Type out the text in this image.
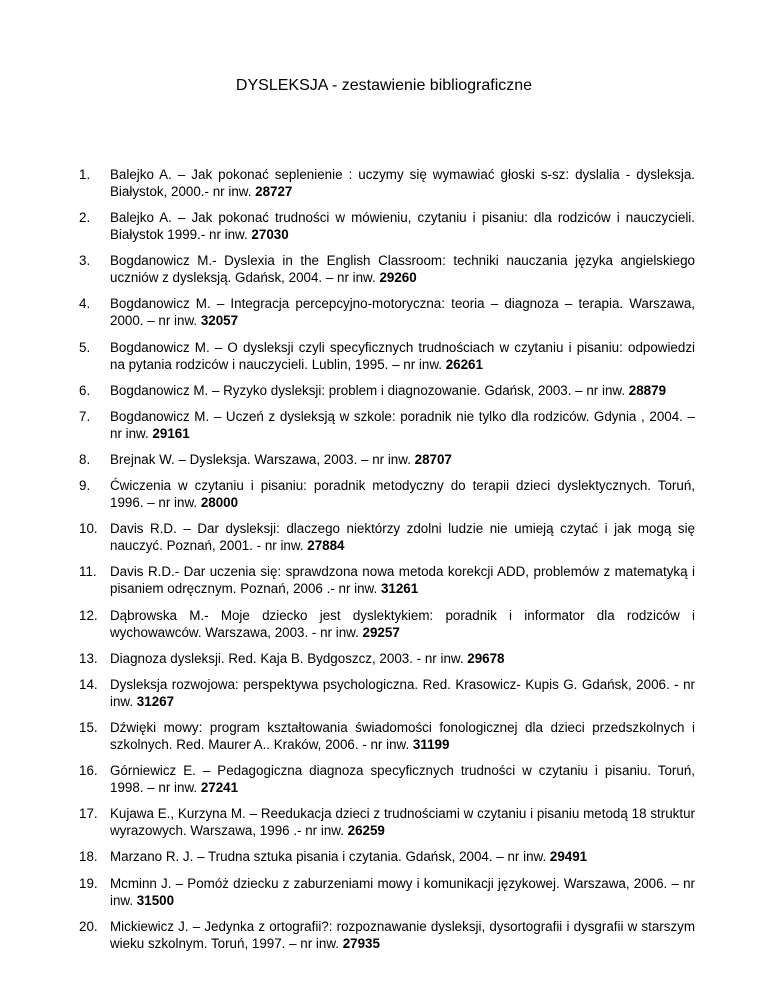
DYSLEKSJA - zestawienie bibliograficzne
1.	Balejko A. – Jak pokonać seplenienie : uczymy się wymawiać głoski s-sz: dyslalia - dysleksja. Białystok, 2000.- nr inw. 28727
2.	Balejko A. – Jak pokonać trudności w mówieniu, czytaniu i pisaniu: dla rodziców i nauczycieli. Białystok 1999.- nr inw. 27030
3.	Bogdanowicz M.- Dyslexia in the English Classroom: techniki nauczania języka angielskiego uczniów z dysleksją. Gdańsk, 2004. – nr inw. 29260
4.	Bogdanowicz M. – Integracja percepcyjno-motoryczna: teoria – diagnoza – terapia. Warszawa, 2000. – nr inw. 32057
5.	Bogdanowicz M. – O dysleksji czyli specyficznych trudnościach w czytaniu i pisaniu: odpowiedzi na pytania rodziców i nauczycieli. Lublin, 1995. – nr inw. 26261
6.	Bogdanowicz M. – Ryzyko dysleksji: problem i diagnozowanie. Gdańsk, 2003. – nr inw. 28879
7.	Bogdanowicz M. – Uczeń z dysleksją w szkole: poradnik nie tylko dla rodziców. Gdynia , 2004. – nr inw. 29161
8.	Brejnak W. – Dysleksja. Warszawa, 2003. – nr inw. 28707
9.	Ćwiczenia w czytaniu i pisaniu: poradnik metodyczny do terapii dzieci dyslektycznych. Toruń, 1996. – nr inw. 28000
10. Davis R.D. – Dar dysleksji: dlaczego niektórzy zdolni ludzie nie umieją czytać i jak mogą się nauczyć. Poznań, 2001. - nr inw. 27884
11. Davis R.D.- Dar uczenia się: sprawdzona nowa metoda korekcji ADD, problemów z matematyką i pisaniem odręcznym. Poznań, 2006 .- nr inw. 31261
12. Dąbrowska M.- Moje dziecko jest dyslektykiem: poradnik i informator dla rodziców i wychowawców. Warszawa, 2003. - nr inw. 29257
13. Diagnoza dysleksji. Red. Kaja B. Bydgoszcz, 2003. - nr inw. 29678
14. Dysleksja rozwojowa: perspektywa psychologiczna. Red. Krasowicz- Kupis G. Gdańsk, 2006. - nr inw. 31267
15. Dźwięki mowy: program kształtowania świadomości fonologicznej dla dzieci przedszkolnych i szkolnych. Red. Maurer A.. Kraków, 2006. - nr inw. 31199
16. Górniewicz E. – Pedagogiczna diagnoza specyficznych trudności w czytaniu i pisaniu. Toruń, 1998. – nr inw. 27241
17. Kujawa E., Kurzyna M. – Reedukacja dzieci z trudnościami w czytaniu i pisaniu metodą 18 struktur wyrazowych. Warszawa, 1996 .- nr inw. 26259
18. Marzano R. J. – Trudna sztuka pisania i czytania. Gdańsk, 2004. – nr inw. 29491
19. Mcminn J. – Pomóż dziecku z zaburzeniami mowy i komunikacji językowej. Warszawa, 2006. – nr inw. 31500
20. Mickiewicz J. – Jedynka z ortografii?: rozpoznawanie dysleksji, dysortografii i dysgrafii w starszym wieku szkolnym. Toruń, 1997. – nr inw. 27935
